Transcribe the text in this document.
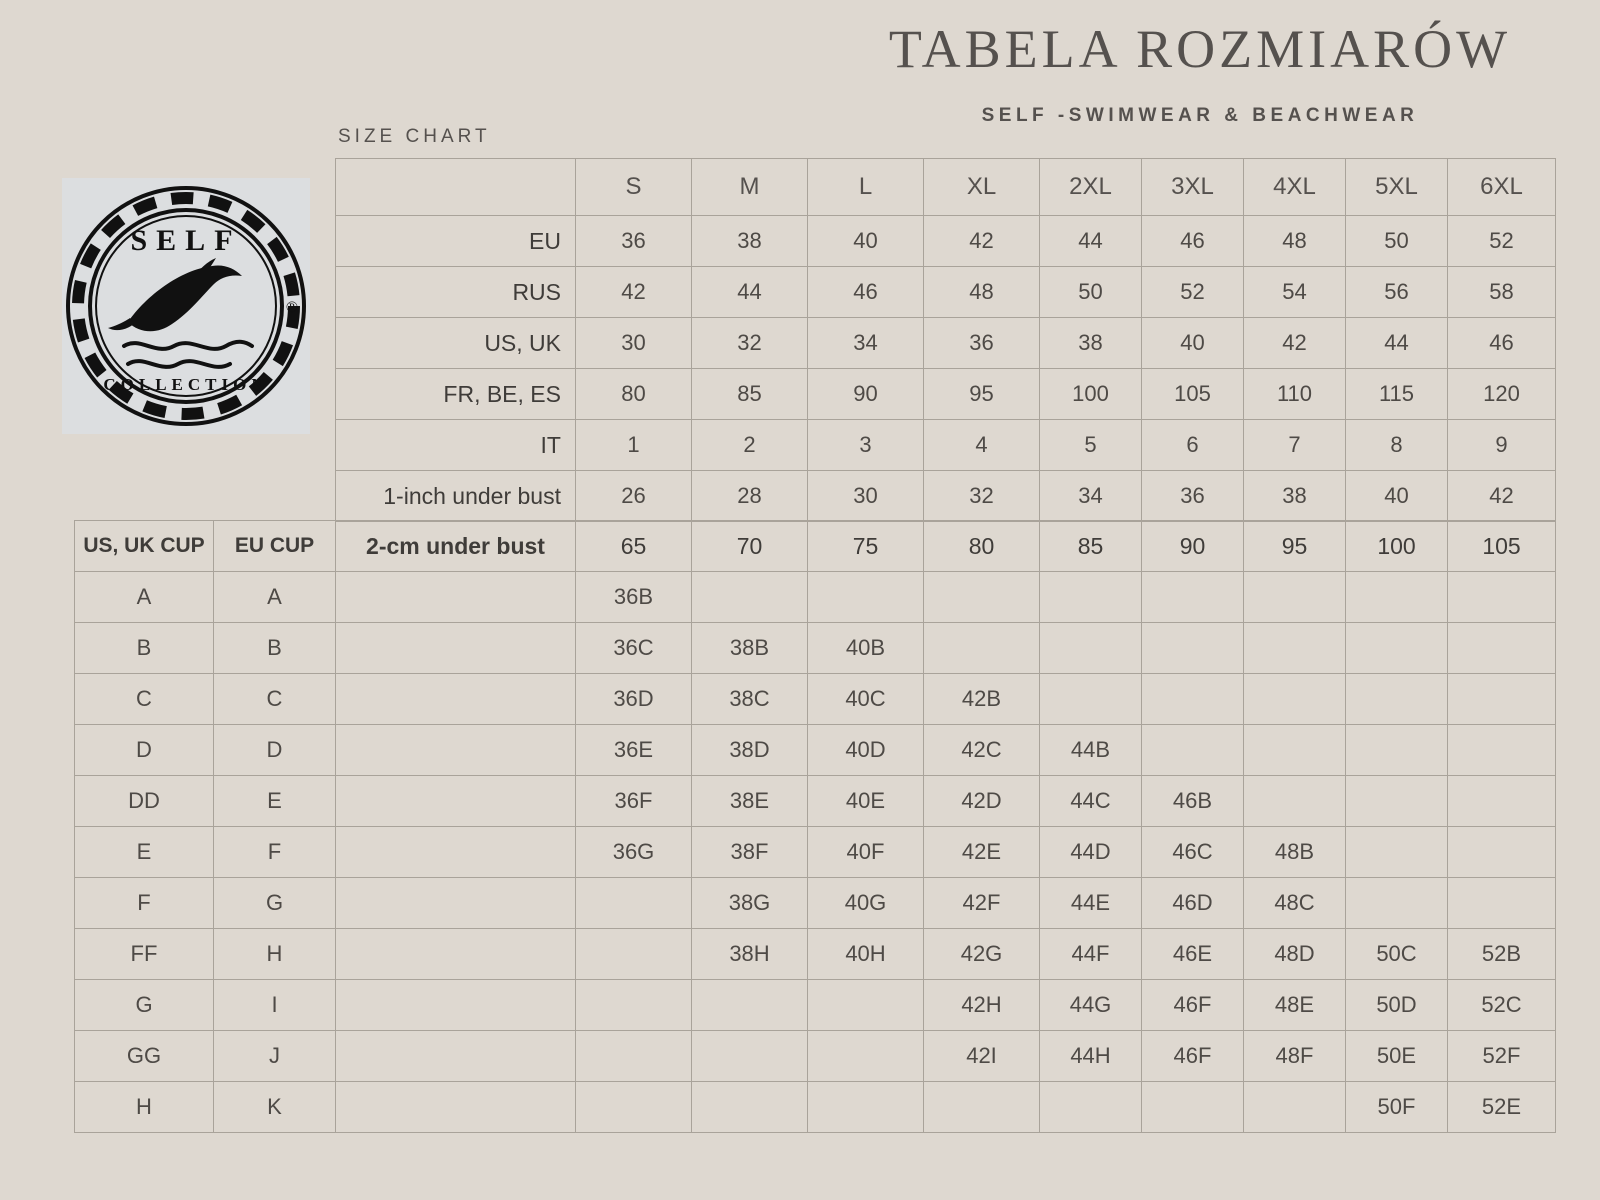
TABELA ROZMIARÓW
SELF -SWIMWEAR & BEACHWEAR
SIZE CHART
SELF
COLLECTION
®
	S	M	L	XL	2XL	3XL	4XL	5XL	6XL
EU	36	38	40	42	44	46	48	50	52
RUS	42	44	46	48	50	52	54	56	58
US, UK	30	32	34	36	38	40	42	44	46
FR, BE, ES	80	85	90	95	100	105	110	115	120
IT	1	2	3	4	5	6	7	8	9
1-inch under bust	26	28	30	32	34	36	38	40	42
US, UK CUP	EU CUP	2-cm under bust	65	70	75	80	85	90	95	100	105
A	A		36B								
B	B		36C	38B	40B						
C	C		36D	38C	40C	42B					
D	D		36E	38D	40D	42C	44B				
DD	E		36F	38E	40E	42D	44C	46B			
E	F		36G	38F	40F	42E	44D	46C	48B		
F	G			38G	40G	42F	44E	46D	48C		
FF	H			38H	40H	42G	44F	46E	48D	50C	52B
G	I					42H	44G	46F	48E	50D	52C
GG	J					42I	44H	46F	48F	50E	52F
H	K									50F	52E
